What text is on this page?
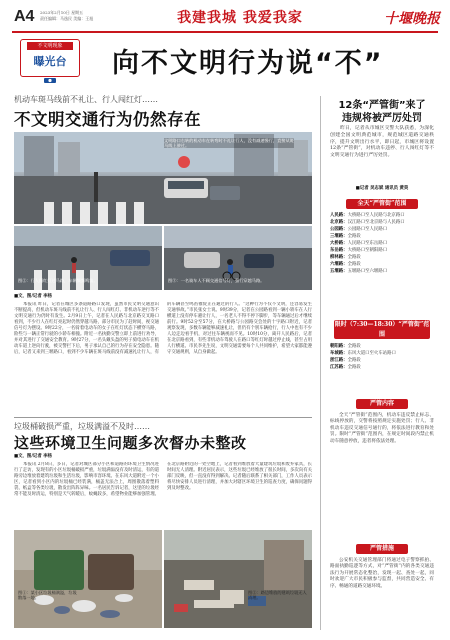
A4 2023年2月10日 星期五
责任编辑：马逸民 美编：王旭	我建我城 我爱我家	十堰晚报
不文明现象
曝光台	向不文明行为说“不”
机动车斑马线前不礼让、行人闯红灯……
不文明交通行为仍然存在
文明路口右转的机动车在转弯时不礼让行人，没有减速慢行，直接从斑马线上驶过。
图②：行人闯红灯过马路，车辆频频鸣笛。	图③：一名骑车人不顾交通信号灯，强行穿越马路。
■文、图/记者 李杨
本报讯 昨日，记者在城区多条道路路口发现，虽然市民文明交通意识不断提高，但机动车斑马线前不礼让行人、行人闯红灯、非机动车逆行等不文明交通行为仍时有发生。2月9日上午，记者在人民路与北京路交叉路口看到，不少行人在红灯亮起时仍然穿越马路，部分市民为了赶时间，视交通信号灯为摆设。9时22分，一名骑着电动车的女子在红灯状态下横穿马路，险些与一辆正常行驶的小轿车相撞。附近一名执勤交警立即上前进行劝导，并对其进行了交通安全教育。9时27分，一名头戴头盔的男子骑电动车在机动车道上逆向行驶，被交警拦下后，男子承认自己的行为存在安全隐患。随后，记者又来到三堰路口，看到不少车辆在斑马线前没有减速礼让行人，有的车辆甚至鸣笛催促正在通过的行人。“这种行为不仅不文明，还容易发生交通事故。”市民张女士说。9时39分，记者在公园路看到一辆小轿车在人行横道上没有停车避让行人，一名老人不得不停下脚步，等车辆通过后才继续前行。9时52分至57分，在大桥路与公园路交会处的十字路口附近，记者观察发现，多数车辆能够减速礼让，但仍有个别车辆抢行，行人中也有不少人边走边看手机，对过往车辆视而不见。10时10分，离开人民路后，记者在北京路看到，有些非机动车驾驶人在路口等红灯时越过停止线，甚至占用人行横道。市民李先生说，文明交通需要每个人共同维护，希望大家都能遵守交通规则，从自身做起。
垃圾桶破损严重，垃圾满溢不及时……
这些环境卫生问题多次督办未整改
■文、图/记者 李杨
本报讯 2月8日，多日，记者对城区部分小区和道路的环境卫生情况进行了走访，发现有的小区垃圾桶破损严重，垃圾满溢没有及时清运，有的道路旁边堆放着建筑垃圾和生活垃圾，影响市容环境。在东风大道附近一个小区，记者看到小区内的垃圾桶已经装满，桶盖无法合上，周围散落着塑料袋、纸盒等各类垃圾，散发出阵阵异味。一名居民告诉记者，这里的垃圾经常不能及时清运，特别是天气转暖后，蚊蝇较多，希望物业能够加强管理。在北京路附近的一处空地上，记者看到堆放着大量建筑垃圾和废弃家具，长时间无人清理。附近居民表示，这些垃圾已经堆放了很长时间，多次向有关部门反映，但一直没有得到解决。记者随后联系了相关部门，工作人员表示将尽快安排人员进行清理，并加大对辖区环境卫生的巡查力度，确保问题得到及时整改。
图①：某小区垃圾桶满溢，垃圾散落一地。
图②：路边堆放的建筑垃圾无人清理。
12条“严管街”来了
违规将被严厉处罚
昨日，记者从市城区交警大队获悉，为深化创建全国文明典范城市，规范城区道路交通秩序，提升文明出行水平，即日起，市城区将设置12条“严管街”，对机动车违停、行人闯红灯等不文明交通行为进行严厉处罚。
■记者 吴志斌 通讯员 黄昊
全天“严管街”范围
人民路：大桥路口至人民路与北京路口
北京路：汉江路口至北京路与人民路口
公园路：公园路口至人民路口
三堰路：全路段
大桥路：人民路口至东岳路口
东岳路：大桥路口至朝阳路口
柳林路：全路段
六堰路：全路段
五堰路：五堰路口至六堰路口
限时（7:30—18:30）“严管街”范围
朝阳路：全路段
车城路：东风大道口至火车站路口
浙江路：全路段
江苏路：全路段
严管内容
全天“严管街”范围内，机动车违反禁止标志、标线停放的，交警将按照规定实施处罚；行人、非机动车违反交通信号通行的，将依法进行教育和处罚。限时“严管街”范围内，在规定时间段内禁止机动车随意停放，违者将依法处理。
严管措施
公安机关交通管理部门将通过电子警察抓拍、路面执勤巡逻等方式，对“严管街”内的各类交通违法行为开展常态化整治，发现一起、查处一起，同时欢迎广大市民积极参与监督，共同营造安全、有序、畅通的道路交通环境。
